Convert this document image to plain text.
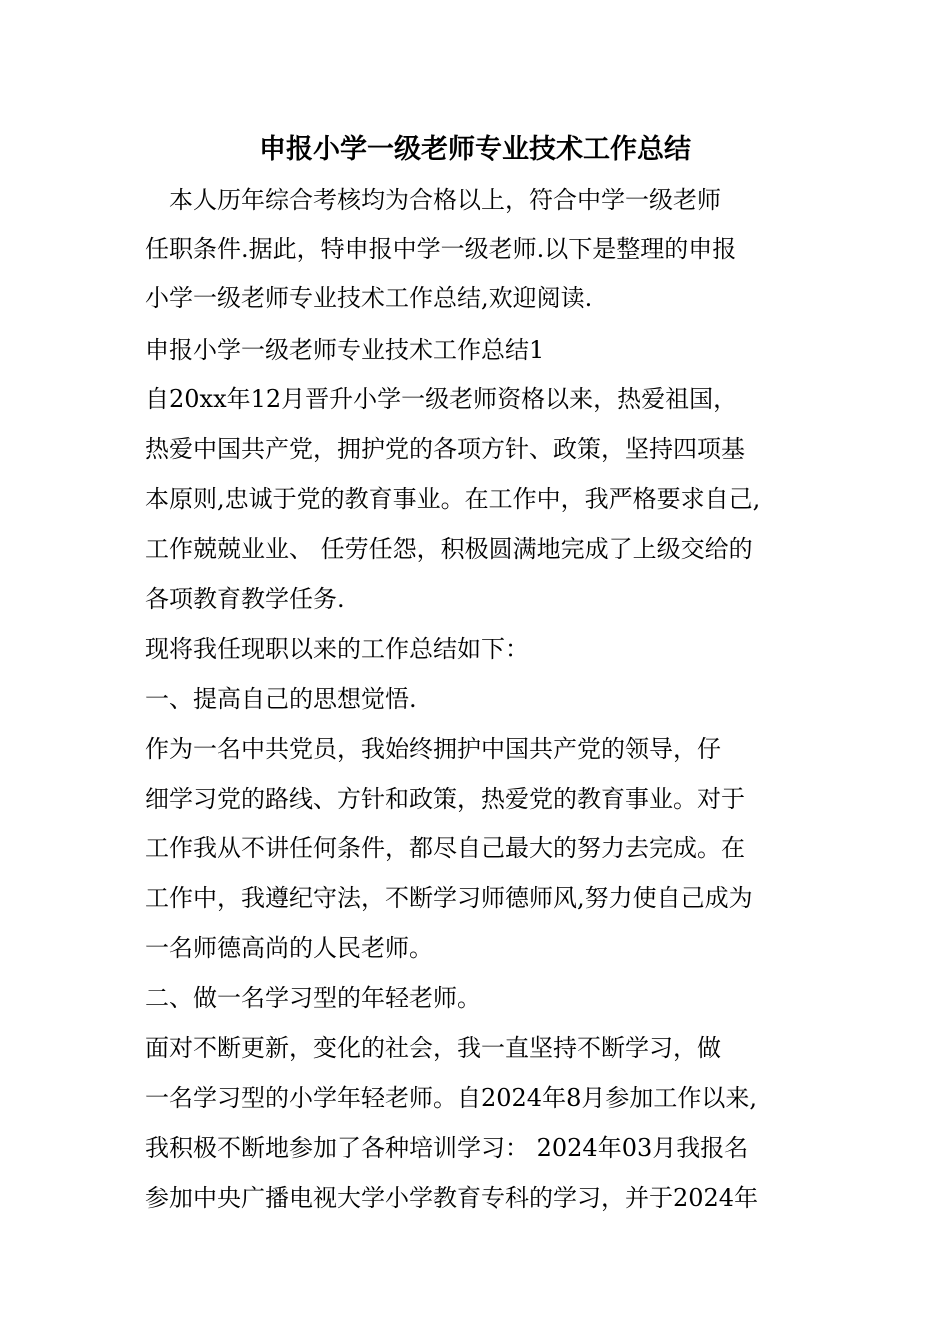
申报小学一级老师专业技术工作总结
　本人历年综合考核均为合格以上，符合中学一级老师
任职条件.据此，特申报中学一级老师.以下是整理的申报
小学一级老师专业技术工作总结,欢迎阅读.
申报小学一级老师专业技术工作总结1
自20xx年12月晋升小学一级老师资格以来，热爱祖国，
热爱中国共产党，拥护党的各项方针、政策，坚持四项基
本原则,忠诚于党的教育事业。在工作中，我严格要求自己,
工作兢兢业业、 任劳任怨，积极圆满地完成了上级交给的
各项教育教学任务.
现将我任现职以来的工作总结如下：
一、提高自己的思想觉悟.
作为一名中共党员，我始终拥护中国共产党的领导，仔
细学习党的路线、方针和政策，热爱党的教育事业。对于
工作我从不讲任何条件，都尽自己最大的努力去完成。在
工作中，我遵纪守法，不断学习师德师风,努力使自己成为
一名师德高尚的人民老师。
二、做一名学习型的年轻老师。
面对不断更新，变化的社会，我一直坚持不断学习，做
一名学习型的小学年轻老师。自2024年8月参加工作以来,
我积极不断地参加了各种培训学习： 2024年03月我报名
参加中央广播电视大学小学教育专科的学习，并于2024年
